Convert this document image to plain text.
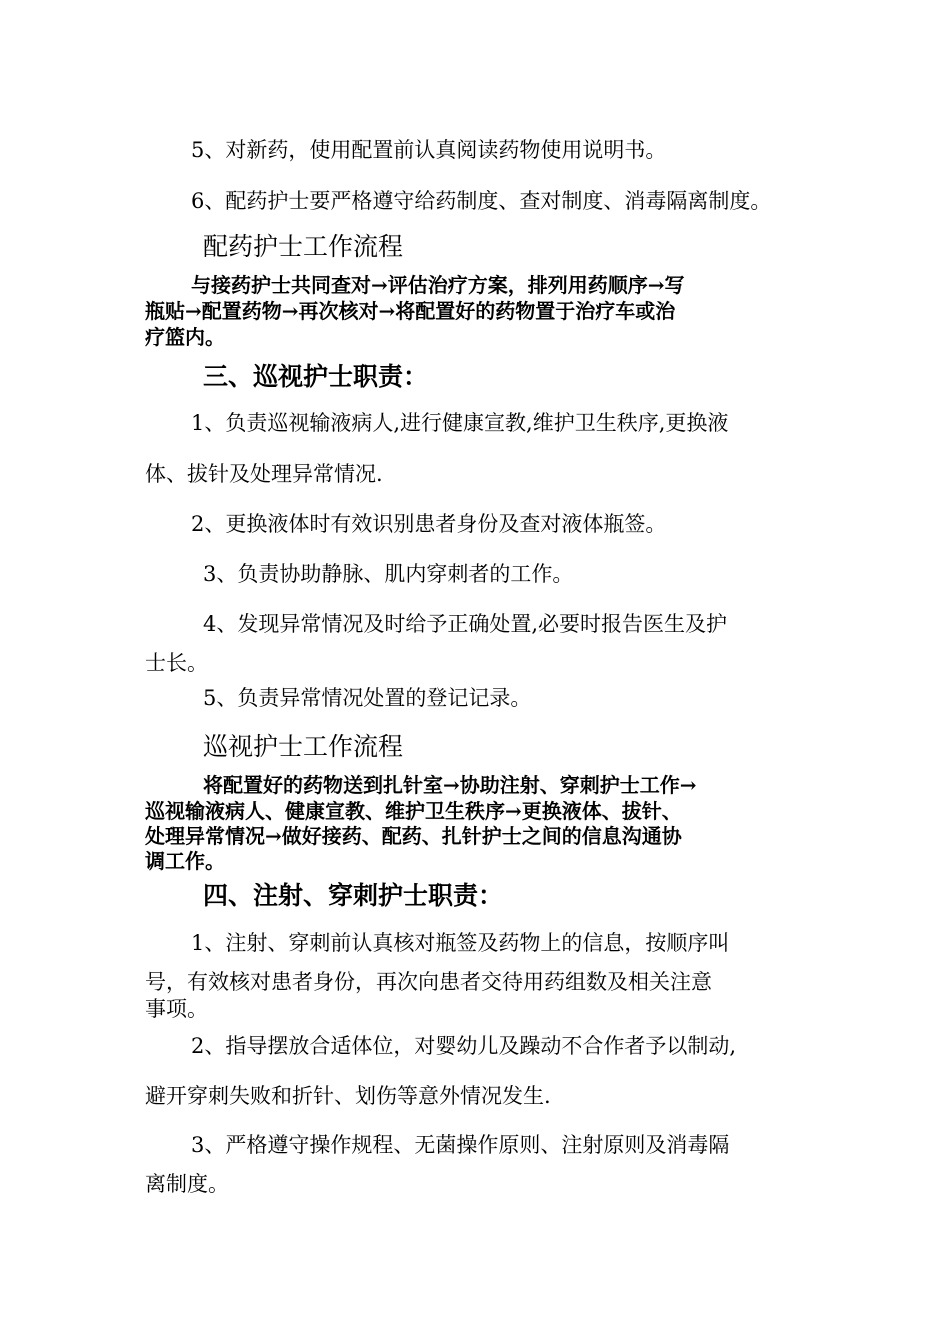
5、对新药，使用配置前认真阅读药物使用说明书。
6、配药护士要严格遵守给药制度、查对制度、消毒隔离制度。
配药护士工作流程
与接药护士共同查对→评估治疗方案，排列用药顺序→写
瓶贴→配置药物→再次核对→将配置好的药物置于治疗车或治
疗篮内。
三、巡视护士职责：
1、负责巡视输液病人,进行健康宣教,维护卫生秩序,更换液
体、拔针及处理异常情况.
2、更换液体时有效识别患者身份及查对液体瓶签。
3、负责协助静脉、肌内穿刺者的工作。
4、发现异常情况及时给予正确处置,必要时报告医生及护
士长。
5、负责异常情况处置的登记记录。
巡视护士工作流程
将配置好的药物送到扎针室→协助注射、穿刺护士工作→
巡视输液病人、健康宣教、维护卫生秩序→更换液体、拔针、
处理异常情况→做好接药、配药、扎针护士之间的信息沟通协
调工作。
四、注射、穿刺护士职责：
1、注射、穿刺前认真核对瓶签及药物上的信息，按顺序叫
号，有效核对患者身份，再次向患者交待用药组数及相关注意
事项。
2、指导摆放合适体位，对婴幼儿及躁动不合作者予以制动,
避开穿刺失败和折针、划伤等意外情况发生.
3、严格遵守操作规程、无菌操作原则、注射原则及消毒隔
离制度。
